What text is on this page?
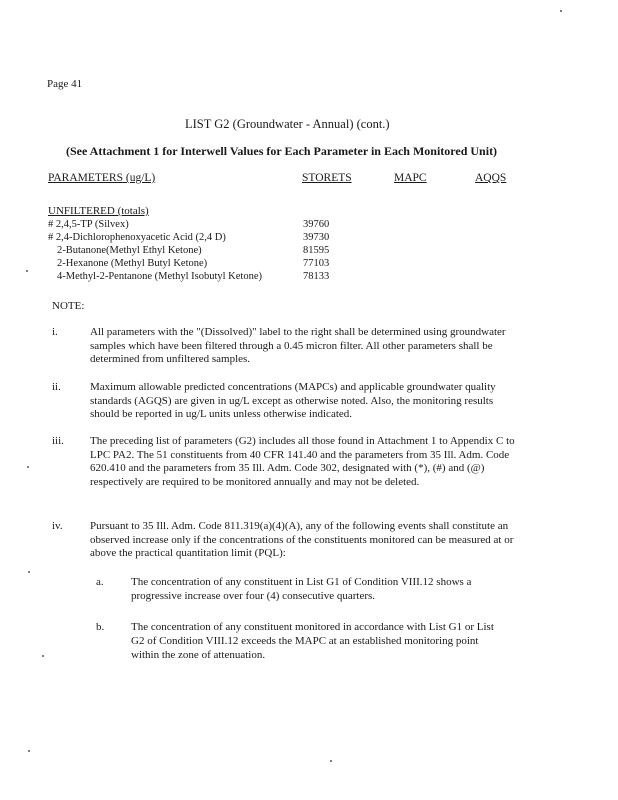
Page 41
LIST G2 (Groundwater - Annual) (cont.)
(See Attachment 1 for Interwell Values for Each Parameter in Each Monitored Unit)
PARAMETERS (ug/L)	STORETS	MAPC	AQQS
UNFILTERED (totals)
# 2,4,5-TP (Silvex)	39760
# 2,4-Dichlorophenoxyacetic Acid (2,4 D)	39730
2-Butanone(Methyl Ethyl Ketone)	81595
2-Hexanone (Methyl Butyl Ketone)	77103
4-Methyl-2-Pentanone (Methyl Isobutyl Ketone)	78133
NOTE:
i.	All parameters with the "(Dissolved)" label to the right shall be determined using groundwater samples which have been filtered through a 0.45 micron filter. All other parameters shall be determined from unfiltered samples.
ii.	Maximum allowable predicted concentrations (MAPCs) and applicable groundwater quality standards (AGQS) are given in ug/L except as otherwise noted. Also, the monitoring results should be reported in ug/L units unless otherwise indicated.
iii. The preceding list of parameters (G2) includes all those found in Attachment 1 to Appendix C to LPC PA2. The 51 constituents from 40 CFR 141.40 and the parameters from 35 Ill. Adm. Code 620.410 and the parameters from 35 Ill. Adm. Code 302, designated with (*), (#) and (@) respectively are required to be monitored annually and may not be deleted.
iv. Pursuant to 35 Ill. Adm. Code 811.319(a)(4)(A), any of the following events shall constitute an observed increase only if the concentrations of the constituents monitored can be measured at or above the practical quantitation limit (PQL):
a. The concentration of any constituent in List G1 of Condition VIII.12 shows a progressive increase over four (4) consecutive quarters.
b. The concentration of any constituent monitored in accordance with List G1 or List G2 of Condition VIII.12 exceeds the MAPC at an established monitoring point within the zone of attenuation.
